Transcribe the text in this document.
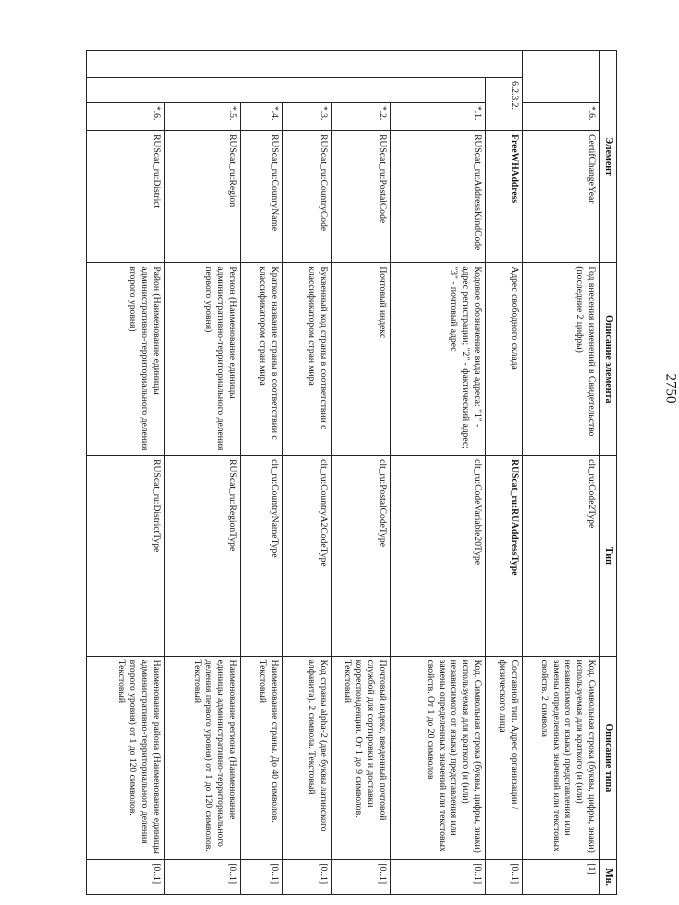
2750
Элемент				Описание элемента	Тип	Описание типа	Мн.
		*.6.	CertifChangeYear	Год внесения изменений в Свидетельство (последние 2 цифры)	clt_ru:Code2Type	Код. Символьная строка (буквы, цифры, знаки) используемая для краткого (и (или) независимого от языка) представления или замены определенных значений или текстовых свойств. 2 символа	[1]
	6.2.3.2.		FreeWHAddress	Адрес свободного склада	RUScat_ru:RUAddressType	Составной тип. Адрес организации / физического лица	[0..1]
		*.1.	RUScat_ru:AddressKindCode	Кодовое обозначение вида адреса: "1" - адрес регистрации; "2" - фактический адрес; "3" - почтовый адрес	clt_ru:CodeVariable20Type	Код. Символьная строка (буквы, цифры, знаки) используемая для краткого (и (или) независимого от языка) представления или замены определенных значений или текстовых свойств. От 1 до 20 символов	[0..1]
		*.2.	RUScat_ru:PostalCode	Почтовый индекс	clt_ru:PostalCodeType	Почтовый индекс, введенный почтовой службой для сортировки и доставки корреспонденции. От 1 до 9 символов. Текстовый	[0..1]
		*.3.	RUScat_ru:CountryCode	Буквенный код страны в соответствии с классификатором стран мира	clt_ru:CountryA2CodeType	Код страны alpha-2 (две буквы латинского алфавита). 2 символа. Текстовый	[0..1]
		*.4.	RUScat_ru:CounryName	Краткое название страны в соответствии с классификатором стран мира	clt_ru:CountryNameType	Наименование страны. До 40 символов. Текстовый	[0..1]
		*.5.	RUScat_ru:Region	Регион (Наименование единицы административно-территориального деления первого уровня)	RUScat_ru:RegionType	Наименование региона (Наименование единицы административно-территориального деления первого уровня) от 1 до 120 символов. Текстовый	[0..1]
		*.6.	RUScat_ru:District	Район (Наименование единицы административно-территориального деления второго уровня)	RUScat_ru:DistrictType	Наименование района (Наименование единицы административно-территориального деления второго уровня) от 1 до 120 символов. Текстовый	[0..1]
